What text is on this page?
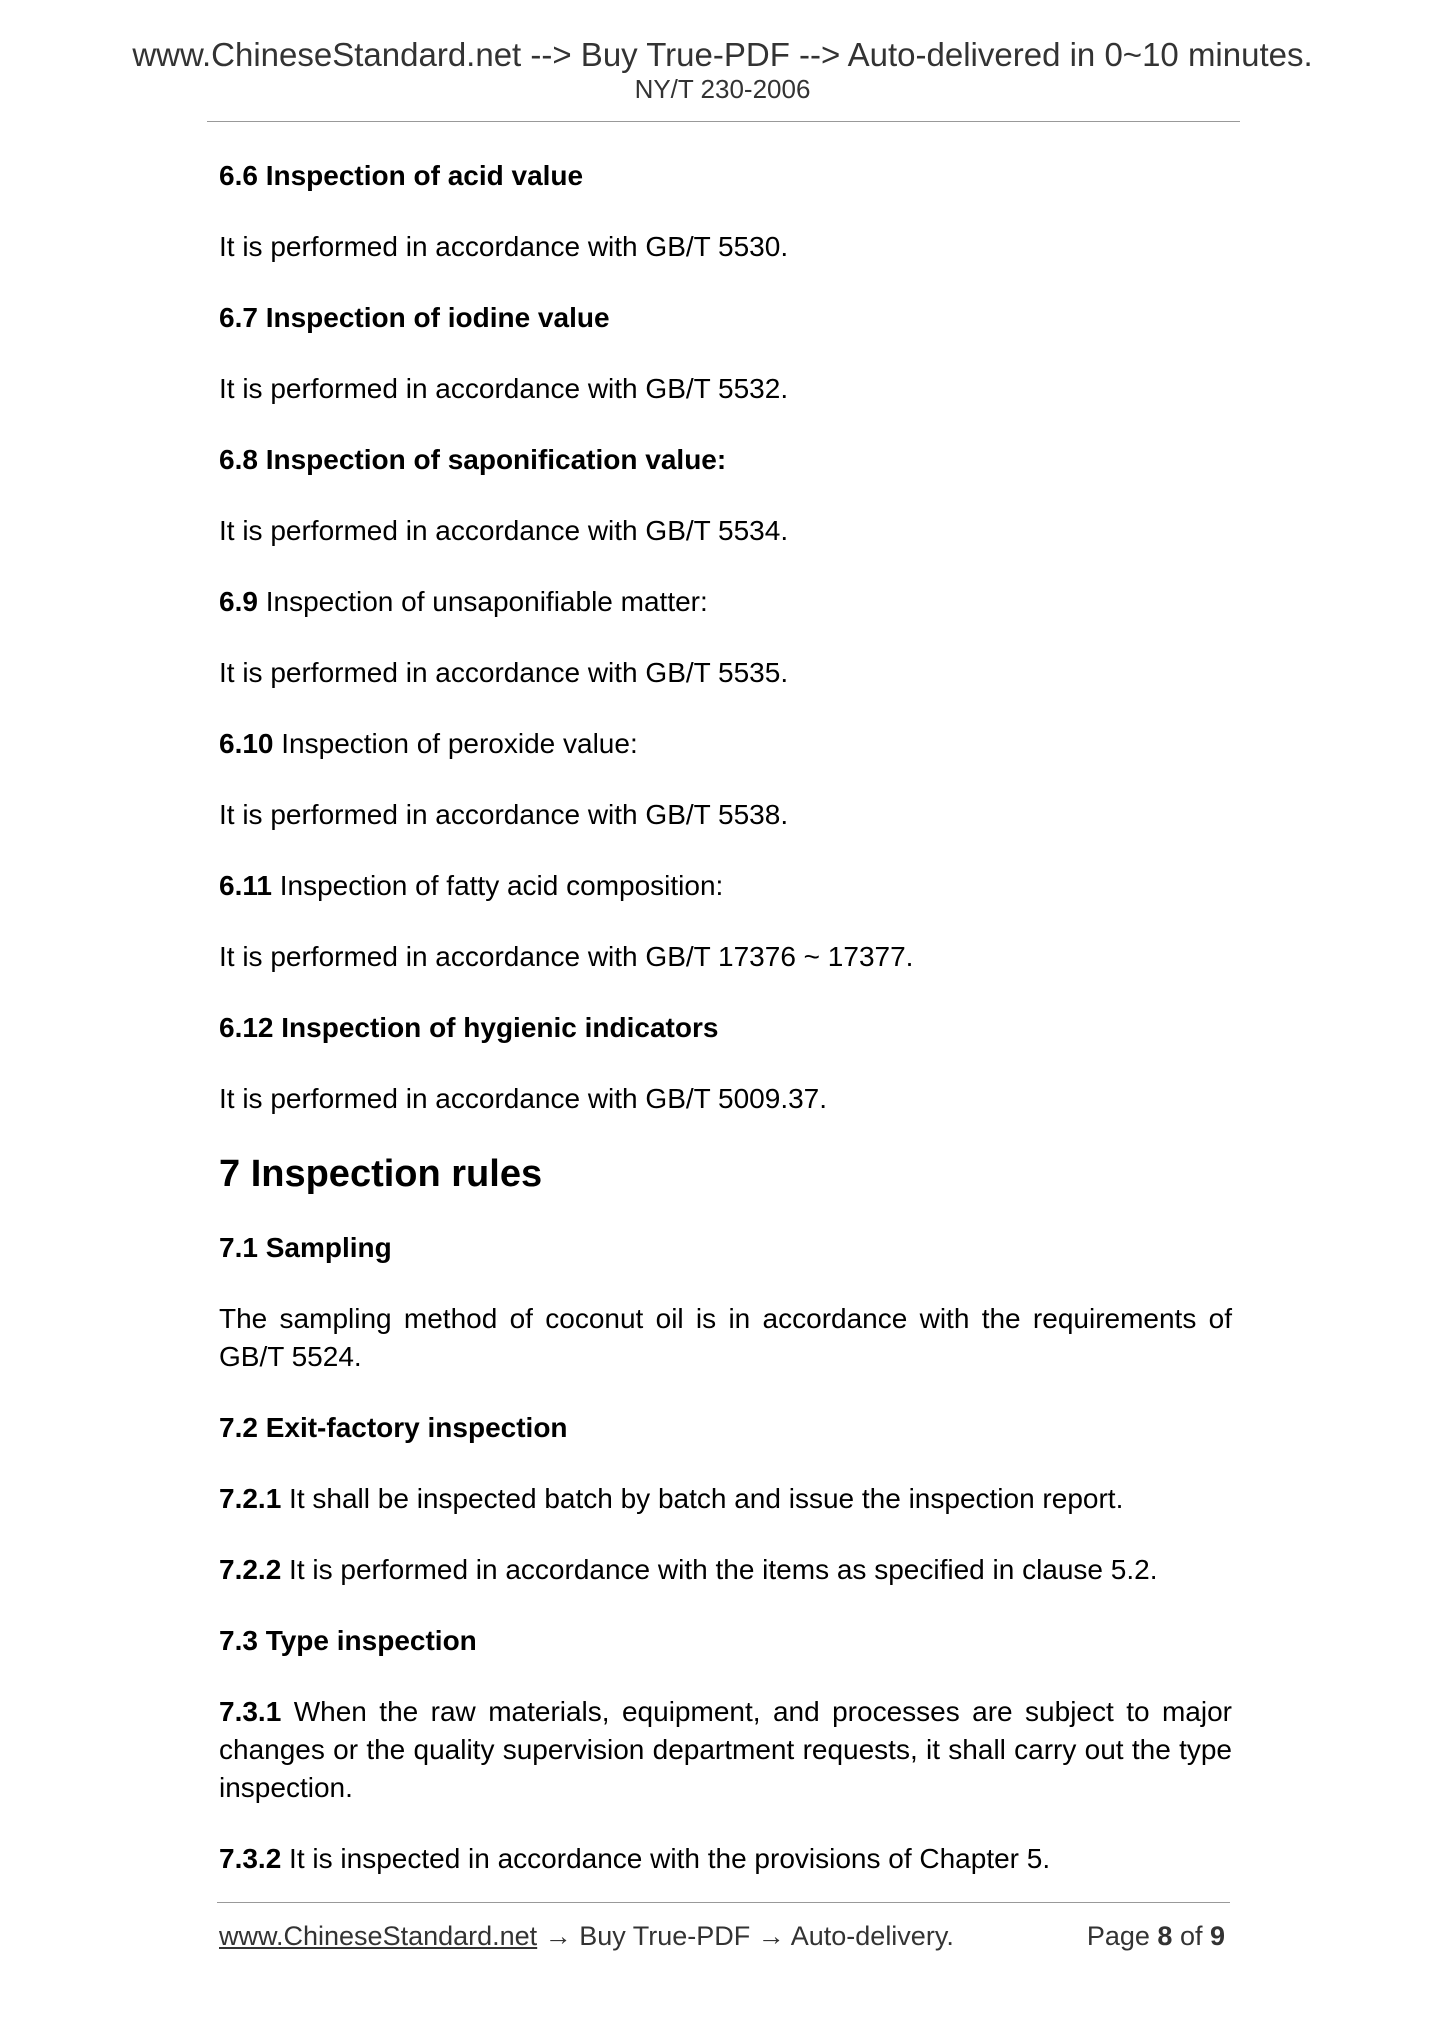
www.ChineseStandard.net --> Buy True-PDF --> Auto-delivered in 0~10 minutes.
NY/T 230-2006

6.6 Inspection of acid value

It is performed in accordance with GB/T 5530.

6.7 Inspection of iodine value

It is performed in accordance with GB/T 5532.

6.8 Inspection of saponification value:

It is performed in accordance with GB/T 5534.

6.9 Inspection of unsaponifiable matter:

It is performed in accordance with GB/T 5535.

6.10 Inspection of peroxide value:

It is performed in accordance with GB/T 5538.

6.11 Inspection of fatty acid composition:

It is performed in accordance with GB/T 17376 ~ 17377.

6.12 Inspection of hygienic indicators

It is performed in accordance with GB/T 5009.37.

7 Inspection rules

7.1 Sampling

The sampling method of coconut oil is in accordance with the requirements of GB/T 5524.

7.2 Exit-factory inspection

7.2.1 It shall be inspected batch by batch and issue the inspection report.

7.2.2 It is performed in accordance with the items as specified in clause 5.2.

7.3 Type inspection

7.3.1 When the raw materials, equipment, and processes are subject to major changes or the quality supervision department requests, it shall carry out the type inspection.

7.3.2 It is inspected in accordance with the provisions of Chapter 5.

www.ChineseStandard.net → Buy True-PDF → Auto-delivery.	Page 8 of 9
